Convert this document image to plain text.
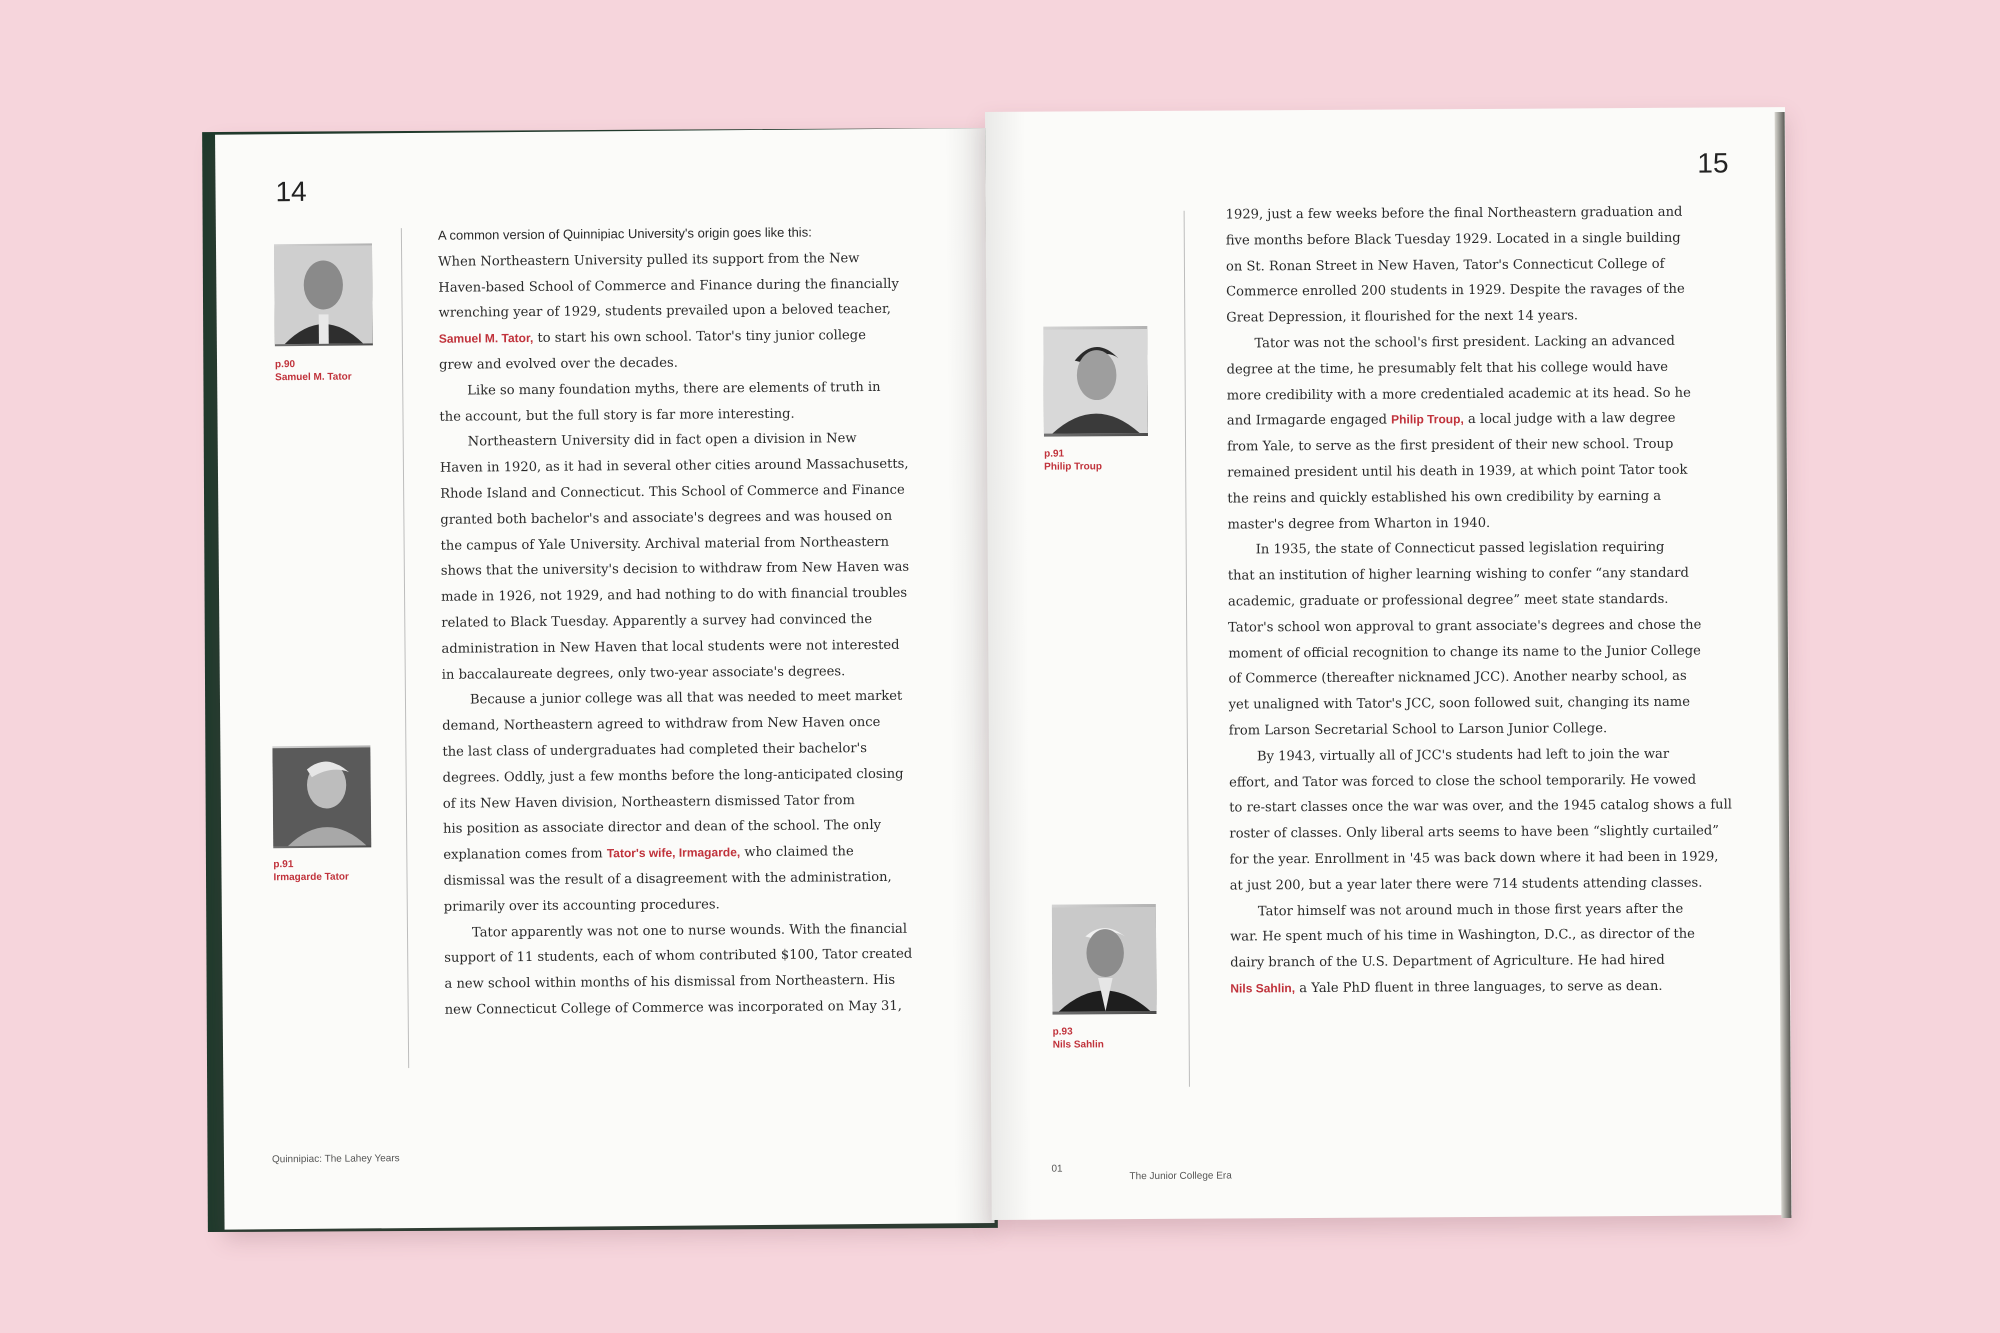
14
p.90
Samuel M. Tator
p.91
Irmagarde Tator

A common version of Quinnipiac University's origin goes like this:

When Northeastern University pulled its support from the New

Haven-based School of Commerce and Finance during the financially

wrenching year of 1929, students prevailed upon a beloved teacher,

Samuel M. Tator, to start his own school. Tator's tiny junior college

grew and evolved over the decades.

Like so many foundation myths, there are elements of truth in

the account, but the full story is far more interesting.

Northeastern University did in fact open a division in New

Haven in 1920, as it had in several other cities around Massachusetts,

Rhode Island and Connecticut. This School of Commerce and Finance

granted both bachelor's and associate's degrees and was housed on

the campus of Yale University. Archival material from Northeastern

shows that the university's decision to withdraw from New Haven was

made in 1926, not 1929, and had nothing to do with financial troubles

related to Black Tuesday. Apparently a survey had convinced the

administration in New Haven that local students were not interested

in baccalaureate degrees, only two-year associate's degrees.

Because a junior college was all that was needed to meet market

demand, Northeastern agreed to withdraw from New Haven once

the last class of undergraduates had completed their bachelor's

degrees. Oddly, just a few months before the long-anticipated closing

of its New Haven division, Northeastern dismissed Tator from

his position as associate director and dean of the school. The only

explanation comes from Tator's wife, Irmagarde, who claimed the

dismissal was the result of a disagreement with the administration,

primarily over its accounting procedures.

Tator apparently was not one to nurse wounds. With the financial

support of 11 students, each of whom contributed $100, Tator created

a new school within months of his dismissal from Northeastern. His

new Connecticut College of Commerce was incorporated on May 31,

Quinnipiac: The Lahey Years
15
p.91
Philip Troup
p.93
Nils Sahlin

1929, just a few weeks before the final Northeastern graduation and

five months before Black Tuesday 1929. Located in a single building

on St. Ronan Street in New Haven, Tator's Connecticut College of

Commerce enrolled 200 students in 1929. Despite the ravages of the

Great Depression, it flourished for the next 14 years.

Tator was not the school's first president. Lacking an advanced

degree at the time, he presumably felt that his college would have

more credibility with a more credentialed academic at its head. So he

and Irmagarde engaged Philip Troup, a local judge with a law degree

from Yale, to serve as the first president of their new school. Troup

remained president until his death in 1939, at which point Tator took

the reins and quickly established his own credibility by earning a

master's degree from Wharton in 1940.

In 1935, the state of Connecticut passed legislation requiring

that an institution of higher learning wishing to confer “any standard

academic, graduate or professional degree” meet state standards.

Tator's school won approval to grant associate's degrees and chose the

moment of official recognition to change its name to the Junior College

of Commerce (thereafter nicknamed JCC). Another nearby school, as

yet unaligned with Tator's JCC, soon followed suit, changing its name

from Larson Secretarial School to Larson Junior College.

By 1943, virtually all of JCC's students had left to join the war

effort, and Tator was forced to close the school temporarily. He vowed

to re-start classes once the war was over, and the 1945 catalog shows a full

roster of classes. Only liberal arts seems to have been “slightly curtailed”

for the year. Enrollment in '45 was back down where it had been in 1929,

at just 200, but a year later there were 714 students attending classes.

Tator himself was not around much in those first years after the

war. He spent much of his time in Washington, D.C., as director of the

dairy branch of the U.S. Department of Agriculture. He had hired

Nils Sahlin, a Yale PhD fluent in three languages, to serve as dean.

01
The Junior College Era
